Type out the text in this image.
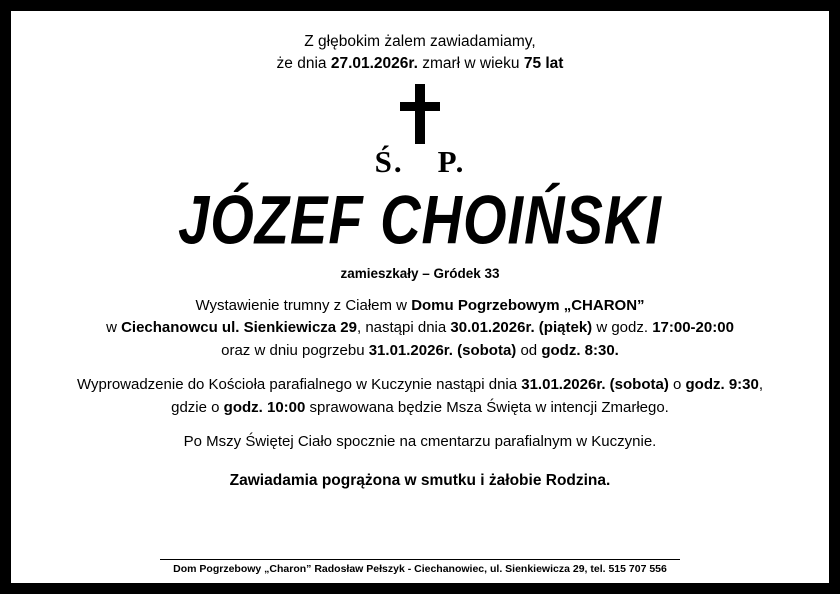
Z głębokim żalem zawiadamiamy,
że dnia 27.01.2026r. zmarł w wieku 75 lat
Ś. P.
JÓZEF CHOIŃSKI
zamieszkały – Gródek 33
Wystawienie trumny z Ciałem w Domu Pogrzebowym „CHARON”
w Ciechanowcu ul. Sienkiewicza 29, nastąpi dnia 30.01.2026r. (piątek) w godz. 17:00-20:00
oraz w dniu pogrzebu 31.01.2026r. (sobota) od godz. 8:30.
Wyprowadzenie do Kościoła parafialnego w Kuczynie nastąpi dnia 31.01.2026r. (sobota) o godz. 9:30,
gdzie o godz. 10:00 sprawowana będzie Msza Święta w intencji Zmarłego.
Po Mszy Świętej Ciało spocznie na cmentarzu parafialnym w Kuczynie.
Zawiadamia pogrążona w smutku i żałobie Rodzina.
Dom Pogrzebowy „Charon” Radosław Pełszyk - Ciechanowiec, ul. Sienkiewicza 29, tel. 515 707 556
